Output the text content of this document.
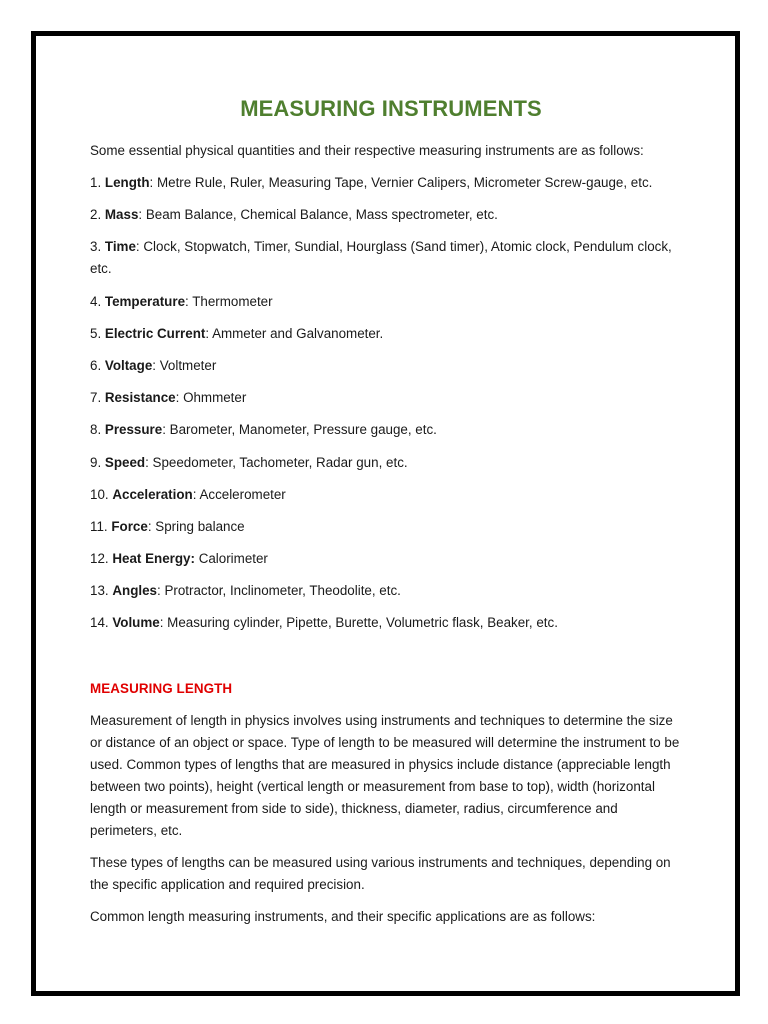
MEASURING INSTRUMENTS

Some essential physical quantities and their respective measuring instruments are as follows:

1. Length: Metre Rule, Ruler, Measuring Tape, Vernier Calipers, Micrometer Screw-gauge, etc.
2. Mass: Beam Balance, Chemical Balance, Mass spectrometer, etc.
3. Time: Clock, Stopwatch, Timer, Sundial, Hourglass (Sand timer), Atomic clock, Pendulum clock, etc.
4. Temperature: Thermometer
5. Electric Current: Ammeter and Galvanometer.
6. Voltage: Voltmeter
7. Resistance: Ohmmeter
8. Pressure: Barometer, Manometer, Pressure gauge, etc.
9. Speed: Speedometer, Tachometer, Radar gun, etc.
10. Acceleration: Accelerometer
11. Force: Spring balance
12. Heat Energy: Calorimeter
13. Angles: Protractor, Inclinometer, Theodolite, etc.
14. Volume: Measuring cylinder, Pipette, Burette, Volumetric flask, Beaker, etc.
MEASURING LENGTH

Measurement of length in physics involves using instruments and techniques to determine the size or distance of an object or space. Type of length to be measured will determine the instrument to be used. Common types of lengths that are measured in physics include distance (appreciable length between two points), height (vertical length or measurement from base to top), width (horizontal length or measurement from side to side), thickness, diameter, radius, circumference and perimeters, etc.

These types of lengths can be measured using various instruments and techniques, depending on the specific application and required precision.

Common length measuring instruments, and their specific applications are as follows:
